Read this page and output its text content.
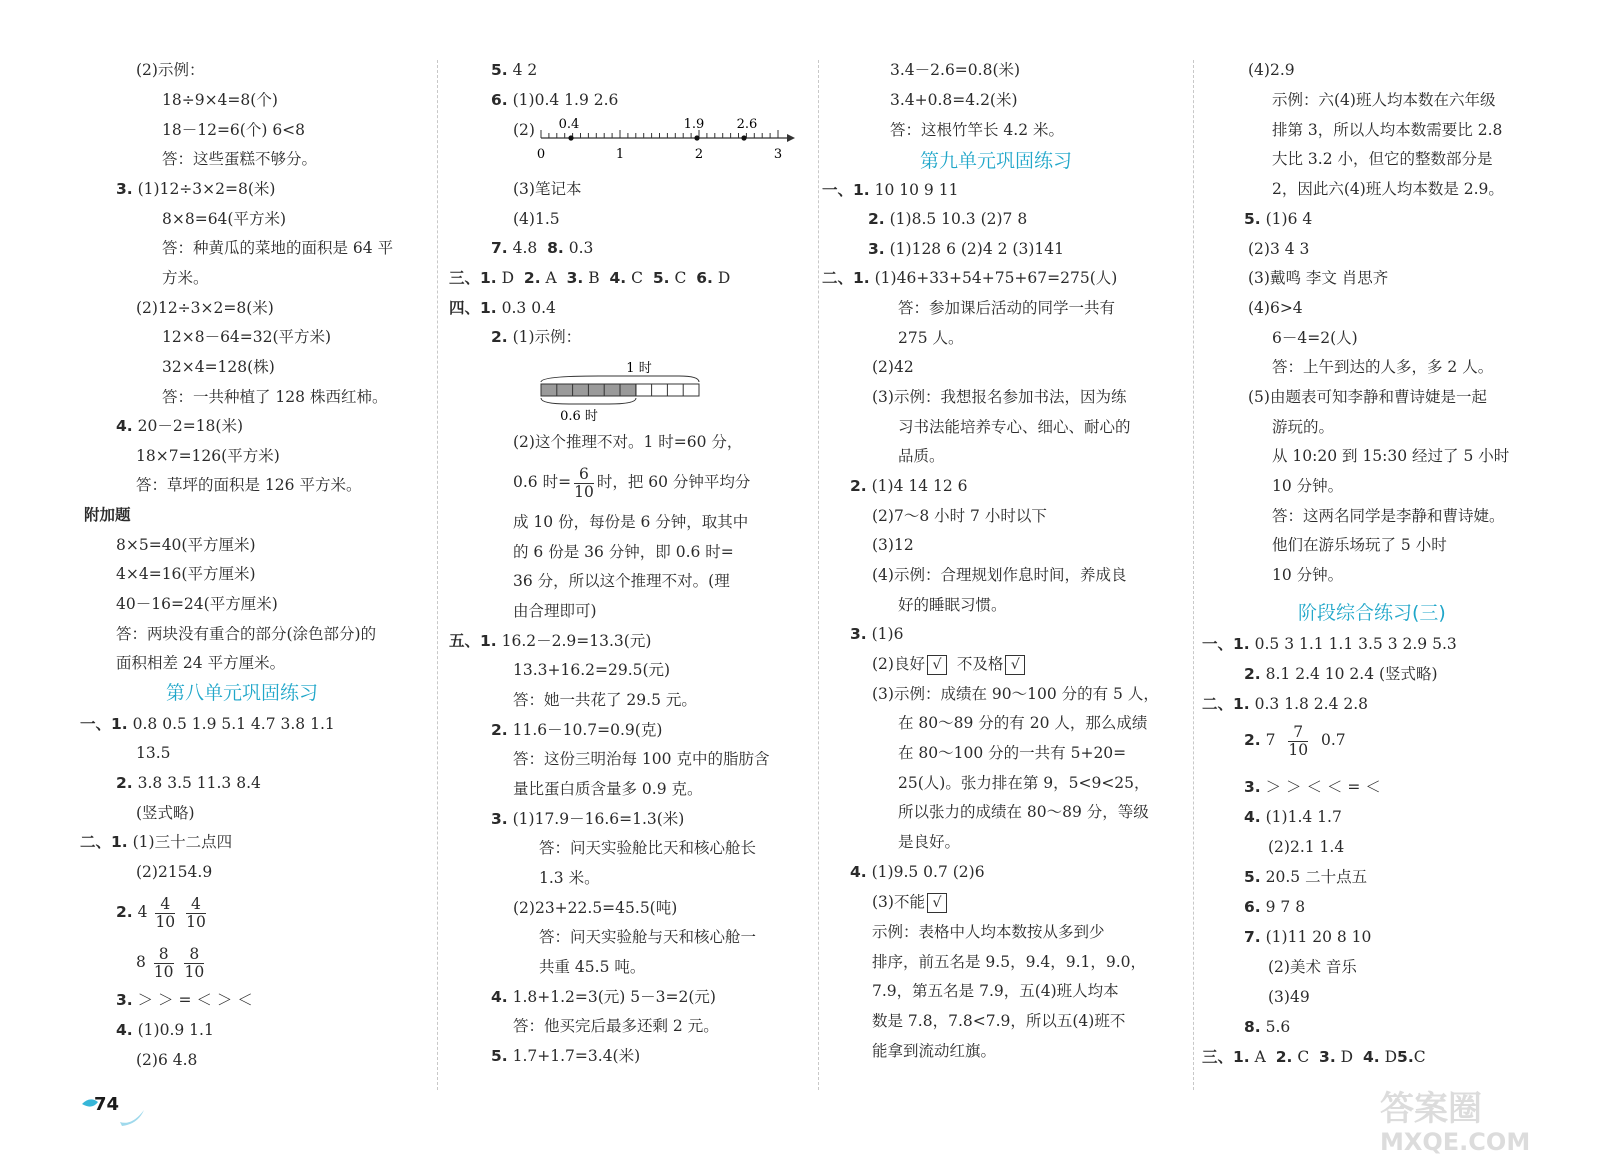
(2)示例：
18÷9×4=8(个)
18－12=6(个) 6<8
答：这些蛋糕不够分。
3. (1)12÷3×2=8(米)
8×8=64(平方米)
答：种黄瓜的菜地的面积是 64 平
方米。
(2)12÷3×2=8(米)
12×8－64=32(平方米)
32×4=128(株)
答：一共种植了 128 株西红柿。
4. 20－2=18(米)
18×7=126(平方米)
答：草坪的面积是 126 平方米。
附加题
8×5=40(平方厘米)
4×4=16(平方厘米)
40－16=24(平方厘米)
答：两块没有重合的部分(涂色部分)的
面积相差 24 平方厘米。
第八单元巩固练习
一、1. 0.8 0.5 1.9 5.1 4.7 3.8 1.1
13.5
2. 3.8 3.5 11.3 8.4
(竖式略)
二、1. (1)三十二点四
(2)2154.9
2. $4 \frac{4}{10}$
$\frac{4}{10}$
$8 \frac{8}{10}$
$\frac{8}{10}$
3. ＞ ＞ = ＜ ＞ ＜
4. (1)0.9 1.1
(2)6 4.8
5. 4 2
6. (1)0.4 1.9 2.6
(2) 0.4	1.9 2.6
0	1	2	3
(3)笔记本
(4)1.5
7. 4.8 8. 0.3
三、1. D 2. A 3. B 4. C 5. C 6. D
四、1. 0.3 0.4
2. (1)示例：
1 时
0.6 时
(2)这个推理不对。1 时=60 分，
0.6 时= $\frac{6}{10}$ 时，把 60 分钟平均分
成 10 份，每份是 6 分钟，取其中
的 6 份是 36 分钟，即 0.6 时=
36 分，所以这个推理不对。(理
由合理即可)
五、1. 16.2－2.9=13.3(元)
13.3+16.2=29.5(元)
答：她一共花了 29.5 元。
2. 11.6－10.7=0.9(克)
答：这份三明治每 100 克中的脂肪含
量比蛋白质含量多 0.9 克。
3. (1)17.9－16.6=1.3(米)
答：问天实验舱比天和核心舱长
1.3 米。
(2)23+22.5=45.5(吨)
答：问天实验舱与天和核心舱一
共重 45.5 吨。
4. 1.8+1.2=3(元) 5－3=2(元)
答：他买完后最多还剩 2 元。
5. 1.7+1.7=3.4(米)
3.4－2.6=0.8(米)
3.4+0.8=4.2(米)
答：这根竹竿长 4.2 米。
第九单元巩固练习
一、1. 10 10 9 11
2. (1)8.5 10.3 (2)7 8
3. (1)128 6 (2)4 2 (3)141
二、1. (1)46+33+54+75+67=275(人)
答：参加课后活动的同学一共有
275 人。
(2)42
(3)示例：我想报名参加书法，因为练
习书法能培养专心、细心、耐心的
品质。
2. (1)4 14 12 6
(2)7～8 小时 7 小时以下
(3)12
(4)示例：合理规划作息时间，养成良
好的睡眠习惯。
3. (1)6
(2)良好 √ 不及格 √
(3)示例：成绩在 90～100 分的有 5 人，
在 80～89 分的有 20 人，那么成绩
在 80～100 分的一共有 5+20=
25(人)。张力排在第 9，5<9<25，
所以张力的成绩在 80～89 分，等级
是良好。
4. (1)9.5 0.7 (2)6
(3)不能 √
示例：表格中人均本数按从多到少
排序，前五名是 9.5，9.4，9.1，9.0，
7.9，第五名是 7.9，五(4)班人均本
数是 7.8，7.8<7.9，所以五(4)班不
能拿到流动红旗。
(4)2.9
示例：六(4)班人均本数在六年级
排第 3，所以人均本数需要比 2.8
大比 3.2 小，但它的整数部分是
2，因此六(4)班人均本数是 2.9。
5. (1)6 4
(2)3 4 3
(3)戴鸣 李文 肖思齐
(4)6>4
6－4=2(人)
答：上午到达的人多，多 2 人。
(5)由题表可知李静和曹诗婕是一起
游玩的。
从 10:20 到 15:30 经过了 5 小时
10 分钟。
答：这两名同学是李静和曹诗婕。
他们在游乐场玩了 5 小时
10 分钟。
阶段综合练习(三)
一、1. 0.5 3 1.1 1.1 3.5 3 2.9 5.3
2. 8.1 2.4 10 2.4 (竖式略)
二、1. 0.3 1.8 2.4 2.8
2. $7 \frac{7}{10} 0.7$
3. ＞ ＞ ＜ ＜ = ＜
4. (1)1.4 1.7
(2)2.1 1.4
5. 20.5 二十点五
6. 9 7 8
7. (1)11 20 8 10
(2)美术 音乐
(3)49
8. 5.6
三、1. A 2. C 3. D 4. D5.C
74	答案圈
MXQE.COM
